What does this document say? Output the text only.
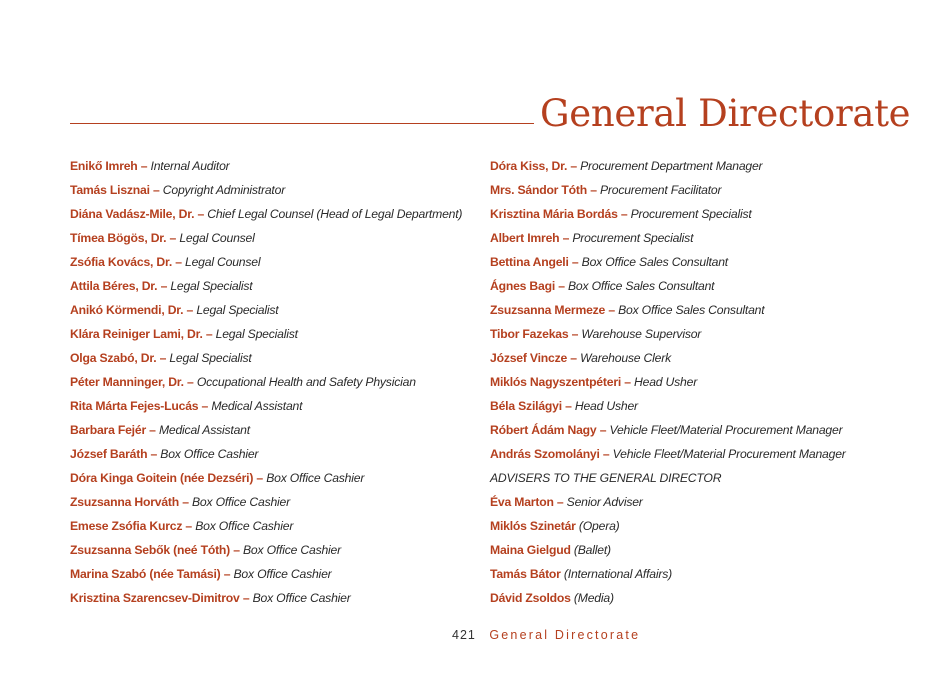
General Directorate
Enikő Imreh – Internal Auditor
Tamás Lisznai – Copyright Administrator
Diána Vadász-Mile, Dr. – Chief Legal Counsel (Head of Legal Department)
Tímea Bögös, Dr. – Legal Counsel
Zsófia Kovács, Dr. – Legal Counsel
Attila Béres, Dr. – Legal Specialist
Anikó Körmendi, Dr. – Legal Specialist
Klára Reiniger Lami, Dr. – Legal Specialist
Olga Szabó, Dr. – Legal Specialist
Péter Manninger, Dr. – Occupational Health and Safety Physician
Rita Márta Fejes-Lucás – Medical Assistant
Barbara Fejér – Medical Assistant
József Baráth – Box Office Cashier
Dóra Kinga Goitein (née Dezséri) – Box Office Cashier
Zsuzsanna Horváth – Box Office Cashier
Emese Zsófia Kurcz – Box Office Cashier
Zsuzsanna Sebők (neé Tóth) – Box Office Cashier
Marina Szabó (née Tamási) – Box Office Cashier
Krisztina Szarencsev-Dimitrov – Box Office Cashier
Dóra Kiss, Dr. – Procurement Department Manager
Mrs. Sándor Tóth – Procurement Facilitator
Krisztina Mária Bordás – Procurement Specialist
Albert Imreh – Procurement Specialist
Bettina Angeli – Box Office Sales Consultant
Ágnes Bagi – Box Office Sales Consultant
Zsuzsanna Mermeze – Box Office Sales Consultant
Tibor Fazekas – Warehouse Supervisor
József Vincze – Warehouse Clerk
Miklós Nagyszentpéteri – Head Usher
Béla Szilágyi – Head Usher
Róbert Ádám Nagy – Vehicle Fleet/Material Procurement Manager
András Szomolányi – Vehicle Fleet/Material Procurement Manager
ADVISERS TO THE GENERAL DIRECTOR
Éva Marton – Senior Adviser
Miklós Szinetár (Opera)
Maina Gielgud (Ballet)
Tamás Bátor (International Affairs)
Dávid Zsoldos (Media)
421 General Directorate
